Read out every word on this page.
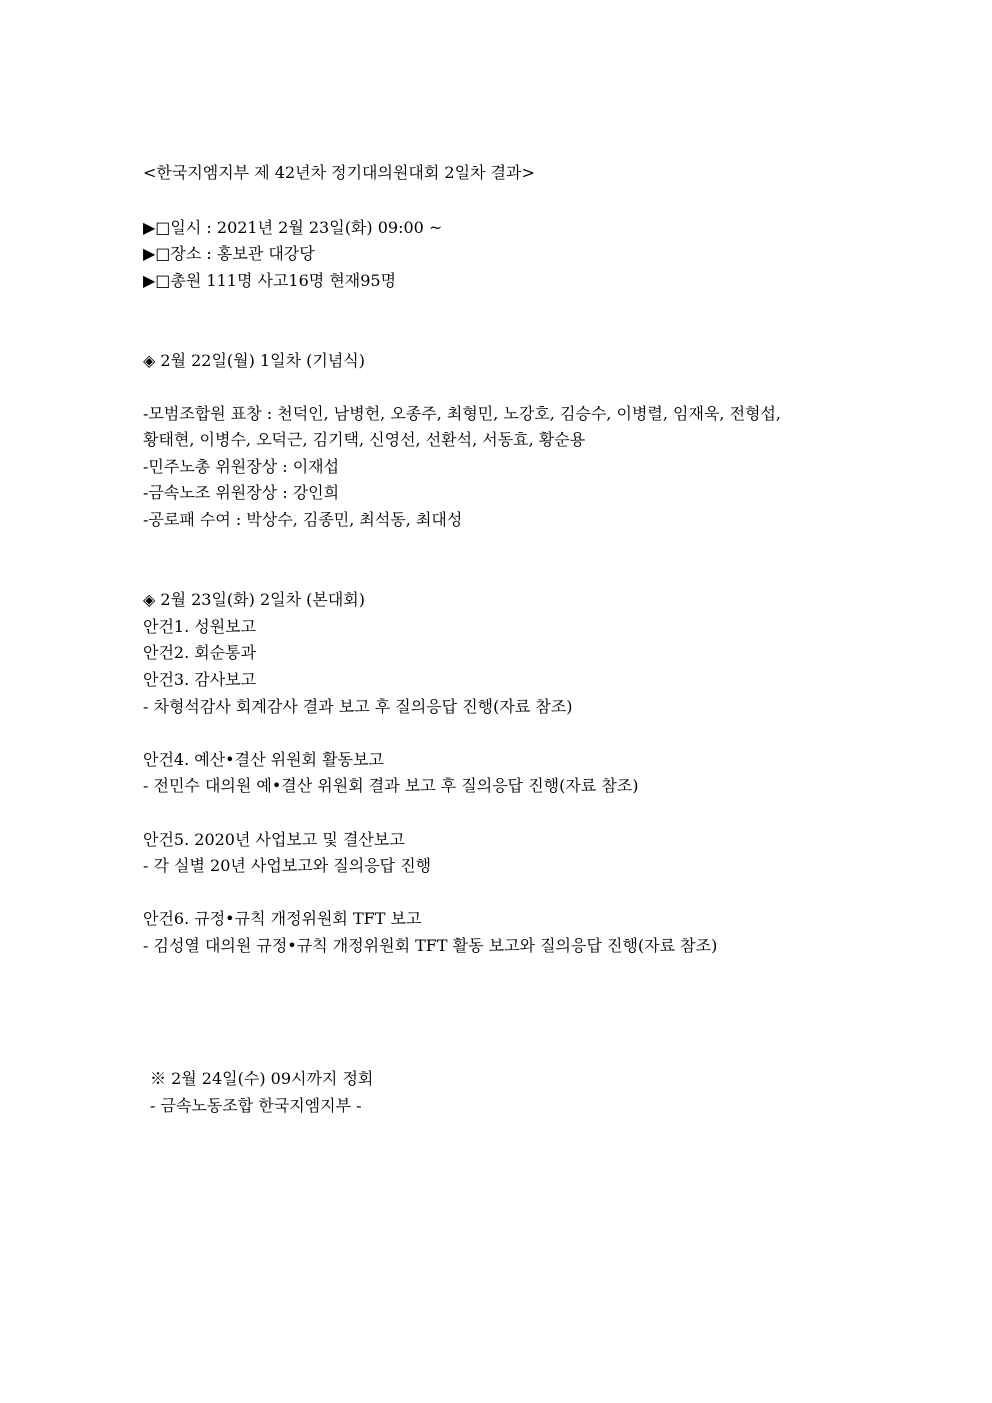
<한국지엠지부 제 42년차 정기대의원대회 2일차 결과>
▶□일시 : 2021년 2월 23일(화) 09:00 ~
▶□장소 : 홍보관 대강당
▶□총원 111명 사고16명 현재95명
◈ 2월 22일(월) 1일차 (기념식)
-모범조합원 표창 : 천덕인, 남병헌, 오종주, 최형민, 노강호, 김승수, 이병렬, 임재욱, 전형섭,
황태현, 이병수, 오덕근, 김기택, 신영선, 선환석, 서동효, 황순용
-민주노총 위원장상 : 이재섭
-금속노조 위원장상 : 강인희
-공로패 수여 : 박상수, 김종민, 최석동, 최대성
◈ 2월 23일(화) 2일차 (본대회)
안건1. 성원보고
안건2. 회순통과
안건3. 감사보고
- 차형석감사 회계감사 결과 보고 후 질의응답 진행(자료 참조)
안건4. 예산•결산 위원회 활동보고
- 전민수 대의원 예•결산 위원회 결과 보고 후 질의응답 진행(자료 참조)
안건5. 2020년 사업보고 및 결산보고
- 각 실별 20년 사업보고와 질의응답 진행
안건6. 규정•규칙 개정위원회 TFT 보고
- 김성열 대의원 규정•규칙 개정위원회 TFT 활동 보고와 질의응답 진행(자료 참조)
※ 2월 24일(수) 09시까지 정회
- 금속노동조합 한국지엠지부 -
